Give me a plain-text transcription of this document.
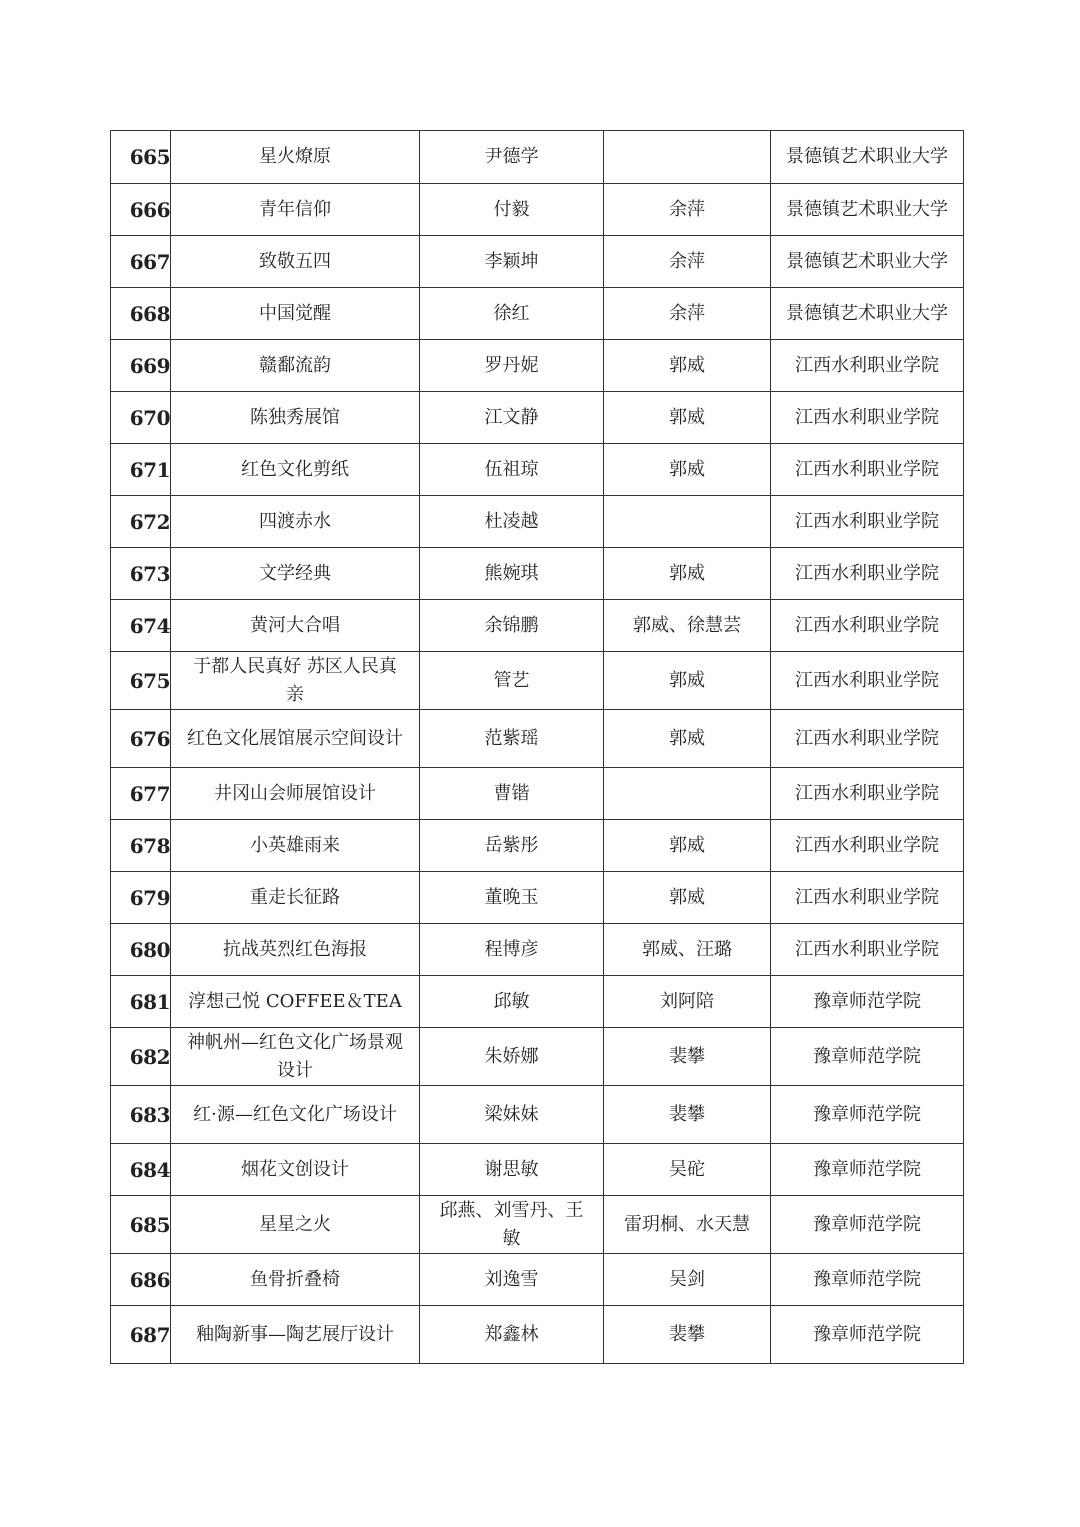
665	星火燎原	尹德学		景德镇艺术职业大学
666	青年信仰	付毅	余萍	景德镇艺术职业大学
667	致敬五四	李颖坤	余萍	景德镇艺术职业大学
668	中国觉醒	徐红	余萍	景德镇艺术职业大学
669	赣鄱流韵	罗丹妮	郭威	江西水利职业学院
670	陈独秀展馆	江文静	郭威	江西水利职业学院
671	红色文化剪纸	伍祖琼	郭威	江西水利职业学院
672	四渡赤水	杜凌越		江西水利职业学院
673	文学经典	熊婉琪	郭威	江西水利职业学院
674	黄河大合唱	余锦鹏	郭威、徐慧芸	江西水利职业学院
675	于都人民真好 苏区人民真亲	管艺	郭威	江西水利职业学院
676	红色文化展馆展示空间设计	范紫瑶	郭威	江西水利职业学院
677	井冈山会师展馆设计	曹锴		江西水利职业学院
678	小英雄雨来	岳紫彤	郭威	江西水利职业学院
679	重走长征路	董晚玉	郭威	江西水利职业学院
680	抗战英烈红色海报	程博彦	郭威、汪璐	江西水利职业学院
681	淳想己悦 COFFEE＆TEA	邱敏	刘阿陪	豫章师范学院
682	神帆州—红色文化广场景观设计	朱娇娜	裴攀	豫章师范学院
683	红·源—红色文化广场设计	梁妹妹	裴攀	豫章师范学院
684	烟花文创设计	谢思敏	吴砣	豫章师范学院
685	星星之火	邱燕、刘雪丹、王敏	雷玥桐、水天慧	豫章师范学院
686	鱼骨折叠椅	刘逸雪	吴剑	豫章师范学院
687	釉陶新事—陶艺展厅设计	郑鑫林	裴攀	豫章师范学院
